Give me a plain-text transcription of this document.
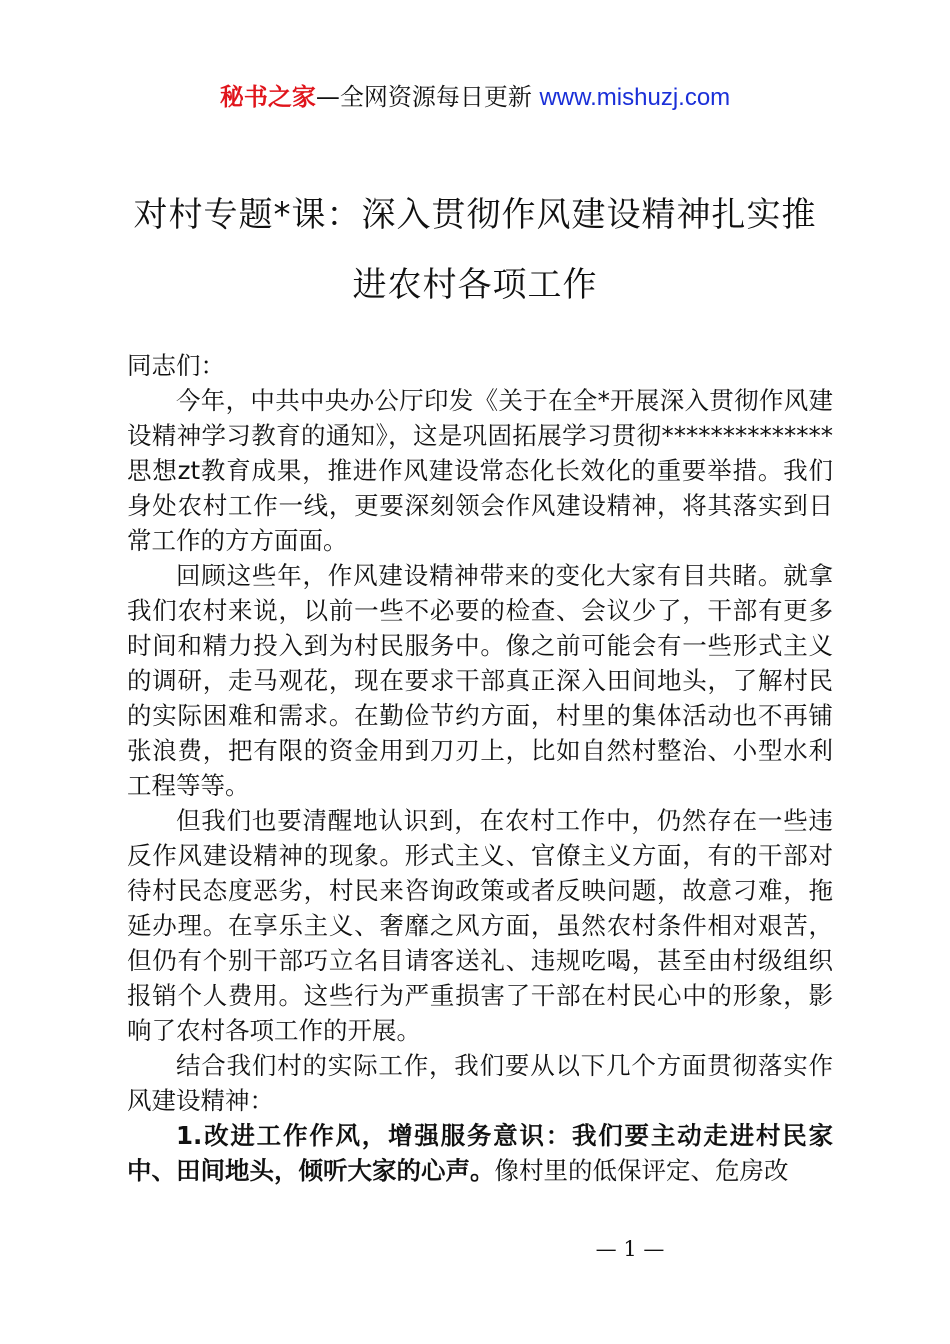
秘书之家—全网资源每日更新 www.mishuzj.com
对村专题*课：深入贯彻作风建设精神扎实推进农村各项工作

同志们：

今年，中共中央办公厅印发《关于在全*开展深入贯彻作风建设精神学习教育的通知》，这是巩固拓展学习贯彻**************思想zt教育成果，推进作风建设常态化长效化的重要举措。我们身处农村工作一线，更要深刻领会作风建设精神，将其落实到日常工作的方方面面。

回顾这些年，作风建设精神带来的变化大家有目共睹。就拿我们农村来说，以前一些不必要的检查、会议少了，干部有更多时间和精力投入到为村民服务中。像之前可能会有一些形式主义的调研，走马观花，现在要求干部真正深入田间地头，了解村民的实际困难和需求。在勤俭节约方面，村里的集体活动也不再铺张浪费，把有限的资金用到刀刃上，比如自然村整治、小型水利工程等等。

但我们也要清醒地认识到，在农村工作中，仍然存在一些违反作风建设精神的现象。形式主义、官僚主义方面，有的干部对待村民态度恶劣，村民来咨询政策或者反映问题，故意刁难，拖延办理。在享乐主义、奢靡之风方面，虽然农村条件相对艰苦，但仍有个别干部巧立名目请客送礼、违规吃喝，甚至由村级组织报销个人费用。这些行为严重损害了干部在村民心中的形象，影响了农村各项工作的开展。

结合我们村的实际工作，我们要从以下几个方面贯彻落实作风建设精神：

1.改进工作作风，增强服务意识：我们要主动走进村民家中、田间地头，倾听大家的心声。像村里的低保评定、危房改

— 1 —
